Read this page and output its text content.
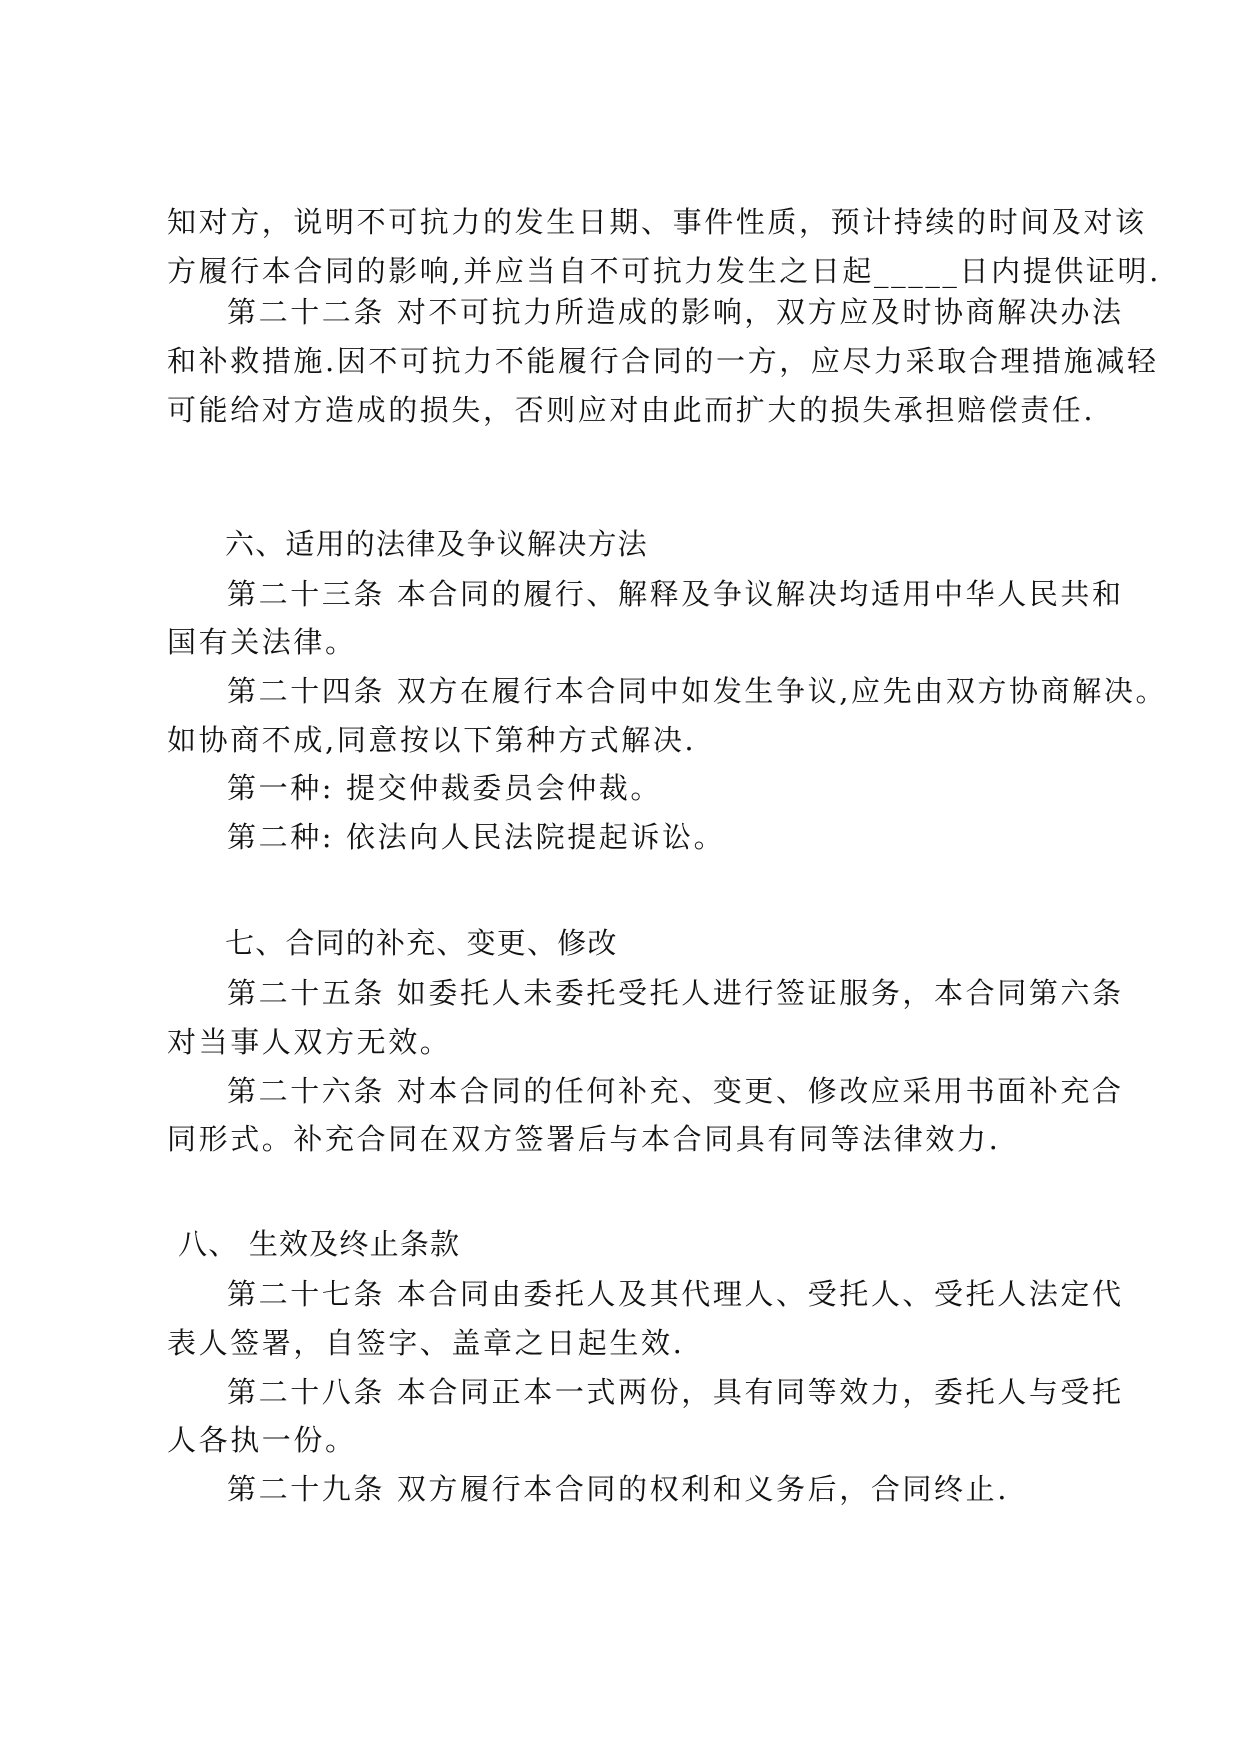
知对方，说明不可抗力的发生日期、事件性质，预计持续的时间及对该
方履行本合同的影响,并应当自不可抗力发生之日起_____日内提供证明.
第二十二条 对不可抗力所造成的影响，双方应及时协商解决办法
和补救措施.因不可抗力不能履行合同的一方，应尽力采取合理措施减轻
可能给对方造成的损失，否则应对由此而扩大的损失承担赔偿责任.
六、适用的法律及争议解决方法
第二十三条 本合同的履行、解释及争议解决均适用中华人民共和
国有关法律。
第二十四条 双方在履行本合同中如发生争议,应先由双方协商解决。
如协商不成,同意按以下第种方式解决.
第一种: 提交仲裁委员会仲裁。
第二种: 依法向人民法院提起诉讼。
七、合同的补充、变更、修改
第二十五条 如委托人未委托受托人进行签证服务，本合同第六条
对当事人双方无效。
第二十六条 对本合同的任何补充、变更、修改应采用书面补充合
同形式。补充合同在双方签署后与本合同具有同等法律效力.
八、 生效及终止条款
第二十七条 本合同由委托人及其代理人、受托人、受托人法定代
表人签署，自签字、盖章之日起生效.
第二十八条 本合同正本一式两份，具有同等效力，委托人与受托
人各执一份。
第二十九条 双方履行本合同的权利和义务后，合同终止.
